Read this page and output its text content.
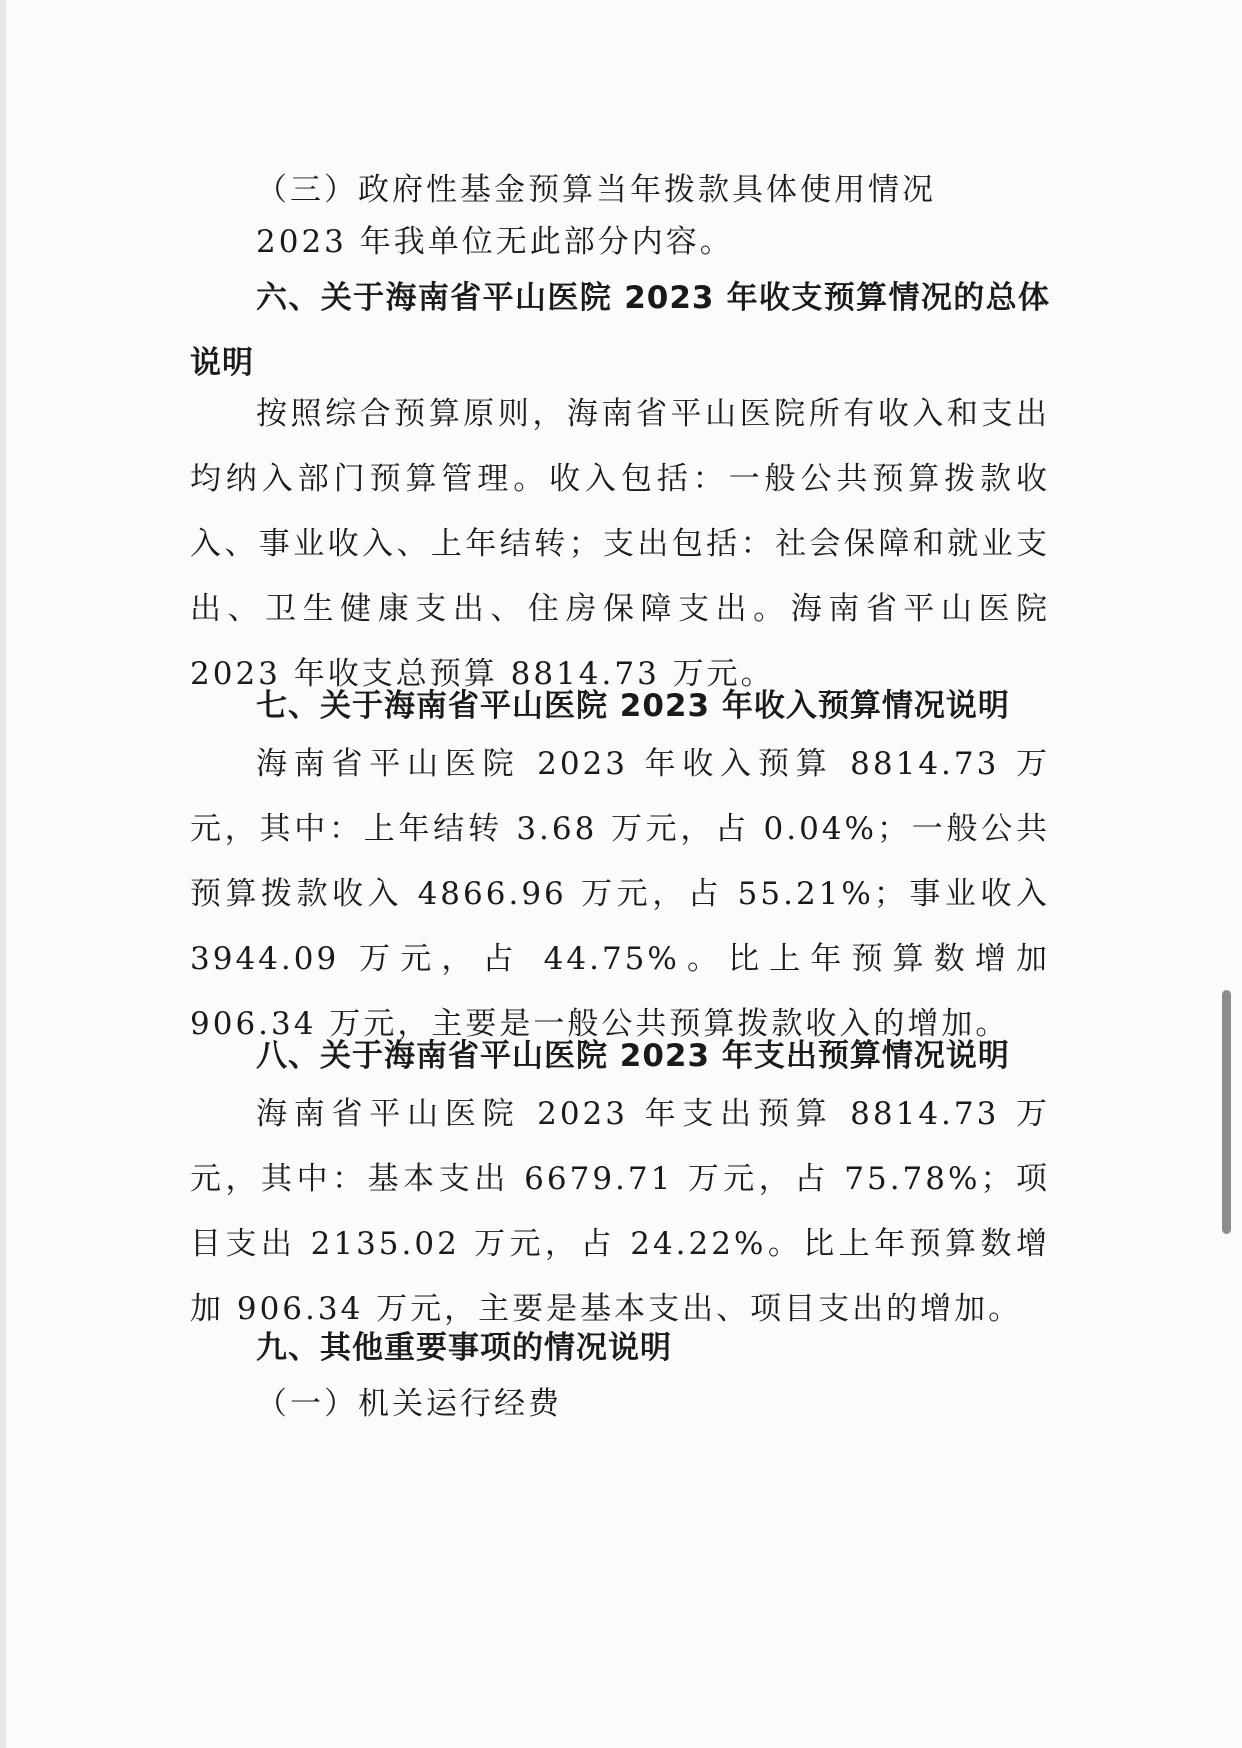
（三）政府性基金预算当年拨款具体使用情况

2023 年我单位无此部分内容。

六、关于海南省平山医院 2023 年收支预算情况的总体说明

按照综合预算原则，海南省平山医院所有收入和支出均纳入部门预算管理。收入包括：一般公共预算拨款收入、事业收入、上年结转；支出包括：社会保障和就业支出、卫生健康支出、住房保障支出。海南省平山医院 2023 年收支总预算 8814.73 万元。

七、关于海南省平山医院 2023 年收入预算情况说明

海南省平山医院 2023 年收入预算 8814.73 万元，其中：上年结转 3.68 万元，占 0.04%；一般公共预算拨款收入 4866.96 万元，占 55.21%；事业收入 3944.09 万元，占 44.75%。比上年预算数增加 906.34 万元，主要是一般公共预算拨款收入的增加。

八、关于海南省平山医院 2023 年支出预算情况说明

海南省平山医院 2023 年支出预算 8814.73 万元，其中：基本支出 6679.71 万元，占 75.78%；项目支出 2135.02 万元，占 24.22%。比上年预算数增加 906.34 万元，主要是基本支出、项目支出的增加。

九、其他重要事项的情况说明

（一）机关运行经费
